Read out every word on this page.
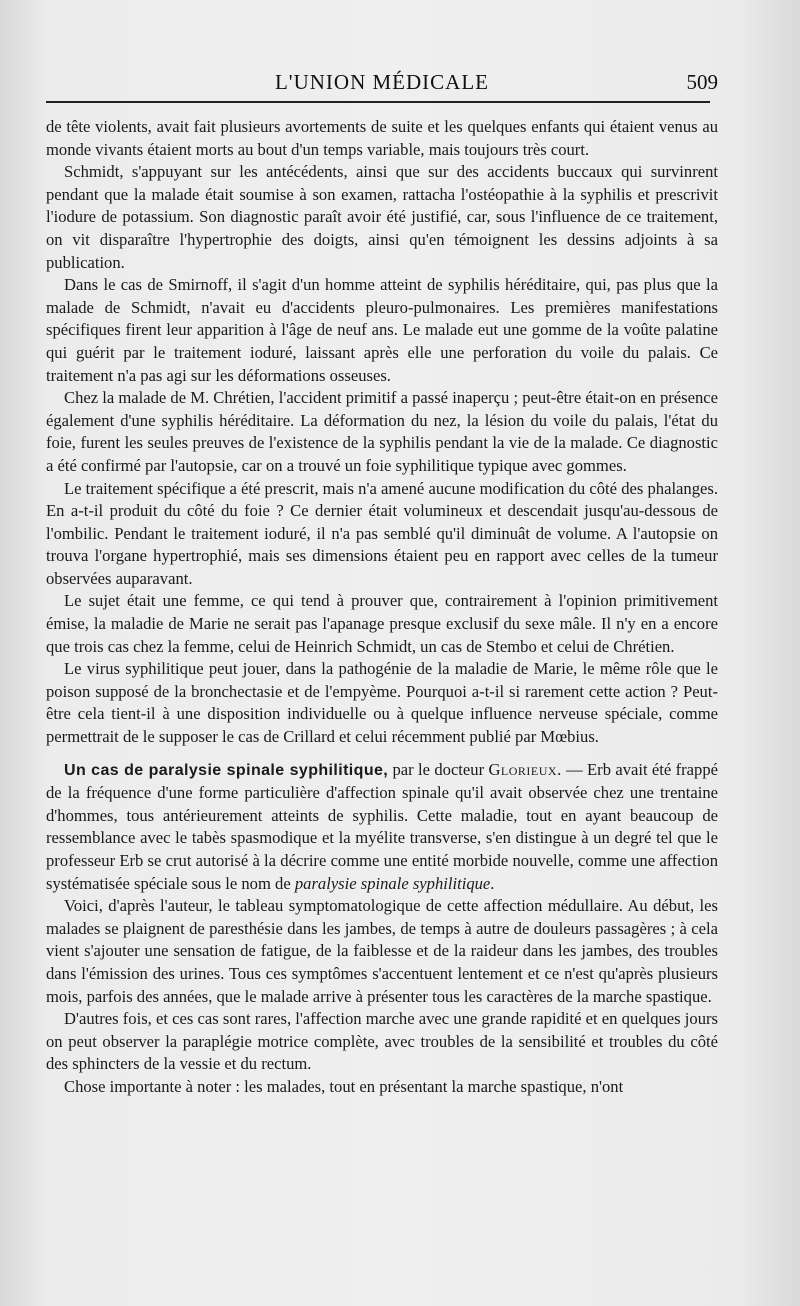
L'UNION MÉDICALE	509

de tête violents, avait fait plusieurs avortements de suite et les quelques enfants qui étaient venus au monde vivants étaient morts au bout d'un temps variable, mais toujours très court.

Schmidt, s'appuyant sur les antécédents, ainsi que sur des accidents buccaux qui survinrent pendant que la malade était soumise à son examen, rattacha l'ostéopathie à la syphilis et prescrivit l'iodure de potassium. Son diagnostic paraît avoir été justifié, car, sous l'influence de ce traitement, on vit disparaître l'hypertrophie des doigts, ainsi qu'en témoignent les dessins adjoints à sa publication.

Dans le cas de Smirnoff, il s'agit d'un homme atteint de syphilis héréditaire, qui, pas plus que la malade de Schmidt, n'avait eu d'accidents pleuro-pulmonaires. Les premières manifestations spécifiques firent leur apparition à l'âge de neuf ans. Le malade eut une gomme de la voûte palatine qui guérit par le traitement ioduré, laissant après elle une perforation du voile du palais. Ce traitement n'a pas agi sur les déformations osseuses.

Chez la malade de M. Chrétien, l'accident primitif a passé inaperçu ; peut-être était-on en présence également d'une syphilis héréditaire. La déformation du nez, la lésion du voile du palais, l'état du foie, furent les seules preuves de l'existence de la syphilis pendant la vie de la malade. Ce diagnostic a été confirmé par l'autopsie, car on a trouvé un foie syphilitique typique avec gommes.

Le traitement spécifique a été prescrit, mais n'a amené aucune modification du côté des phalanges. En a-t-il produit du côté du foie ? Ce dernier était volumineux et descendait jusqu'au-dessous de l'ombilic. Pendant le traitement ioduré, il n'a pas semblé qu'il diminuât de volume. A l'autopsie on trouva l'organe hypertrophié, mais ses dimensions étaient peu en rapport avec celles de la tumeur observées auparavant.

Le sujet était une femme, ce qui tend à prouver que, contrairement à l'opinion primitivement émise, la maladie de Marie ne serait pas l'apanage presque exclusif du sexe mâle. Il n'y en a encore que trois cas chez la femme, celui de Heinrich Schmidt, un cas de Stembo et celui de Chrétien.

Le virus syphilitique peut jouer, dans la pathogénie de la maladie de Marie, le même rôle que le poison supposé de la bronchectasie et de l'empyème. Pourquoi a-t-il si rarement cette action ? Peut-être cela tient-il à une disposition individuelle ou à quelque influence nerveuse spéciale, comme permettrait de le supposer le cas de Crillard et celui récemment publié par Mœbius.

Un cas de paralysie spinale syphilitique, par le docteur Glorieux. — Erb avait été frappé de la fréquence d'une forme particulière d'affection spinale qu'il avait observée chez une trentaine d'hommes, tous antérieurement atteints de syphilis. Cette maladie, tout en ayant beaucoup de ressemblance avec le tabès spasmodique et la myélite transverse, s'en distingue à un degré tel que le professeur Erb se crut autorisé à la décrire comme une entité morbide nouvelle, comme une affection systématisée spéciale sous le nom de paralysie spinale syphilitique.

Voici, d'après l'auteur, le tableau symptomatologique de cette affection médullaire. Au début, les malades se plaignent de paresthésie dans les jambes, de temps à autre de douleurs passagères ; à cela vient s'ajouter une sensation de fatigue, de la faiblesse et de la raideur dans les jambes, des troubles dans l'émission des urines. Tous ces symptômes s'accentuent lentement et ce n'est qu'après plusieurs mois, parfois des années, que le malade arrive à présenter tous les caractères de la marche spastique.

D'autres fois, et ces cas sont rares, l'affection marche avec une grande rapidité et en quelques jours on peut observer la paraplégie motrice complète, avec troubles de la sensibilité et troubles du côté des sphincters de la vessie et du rectum.

Chose importante à noter : les malades, tout en présentant la marche spastique, n'ont
